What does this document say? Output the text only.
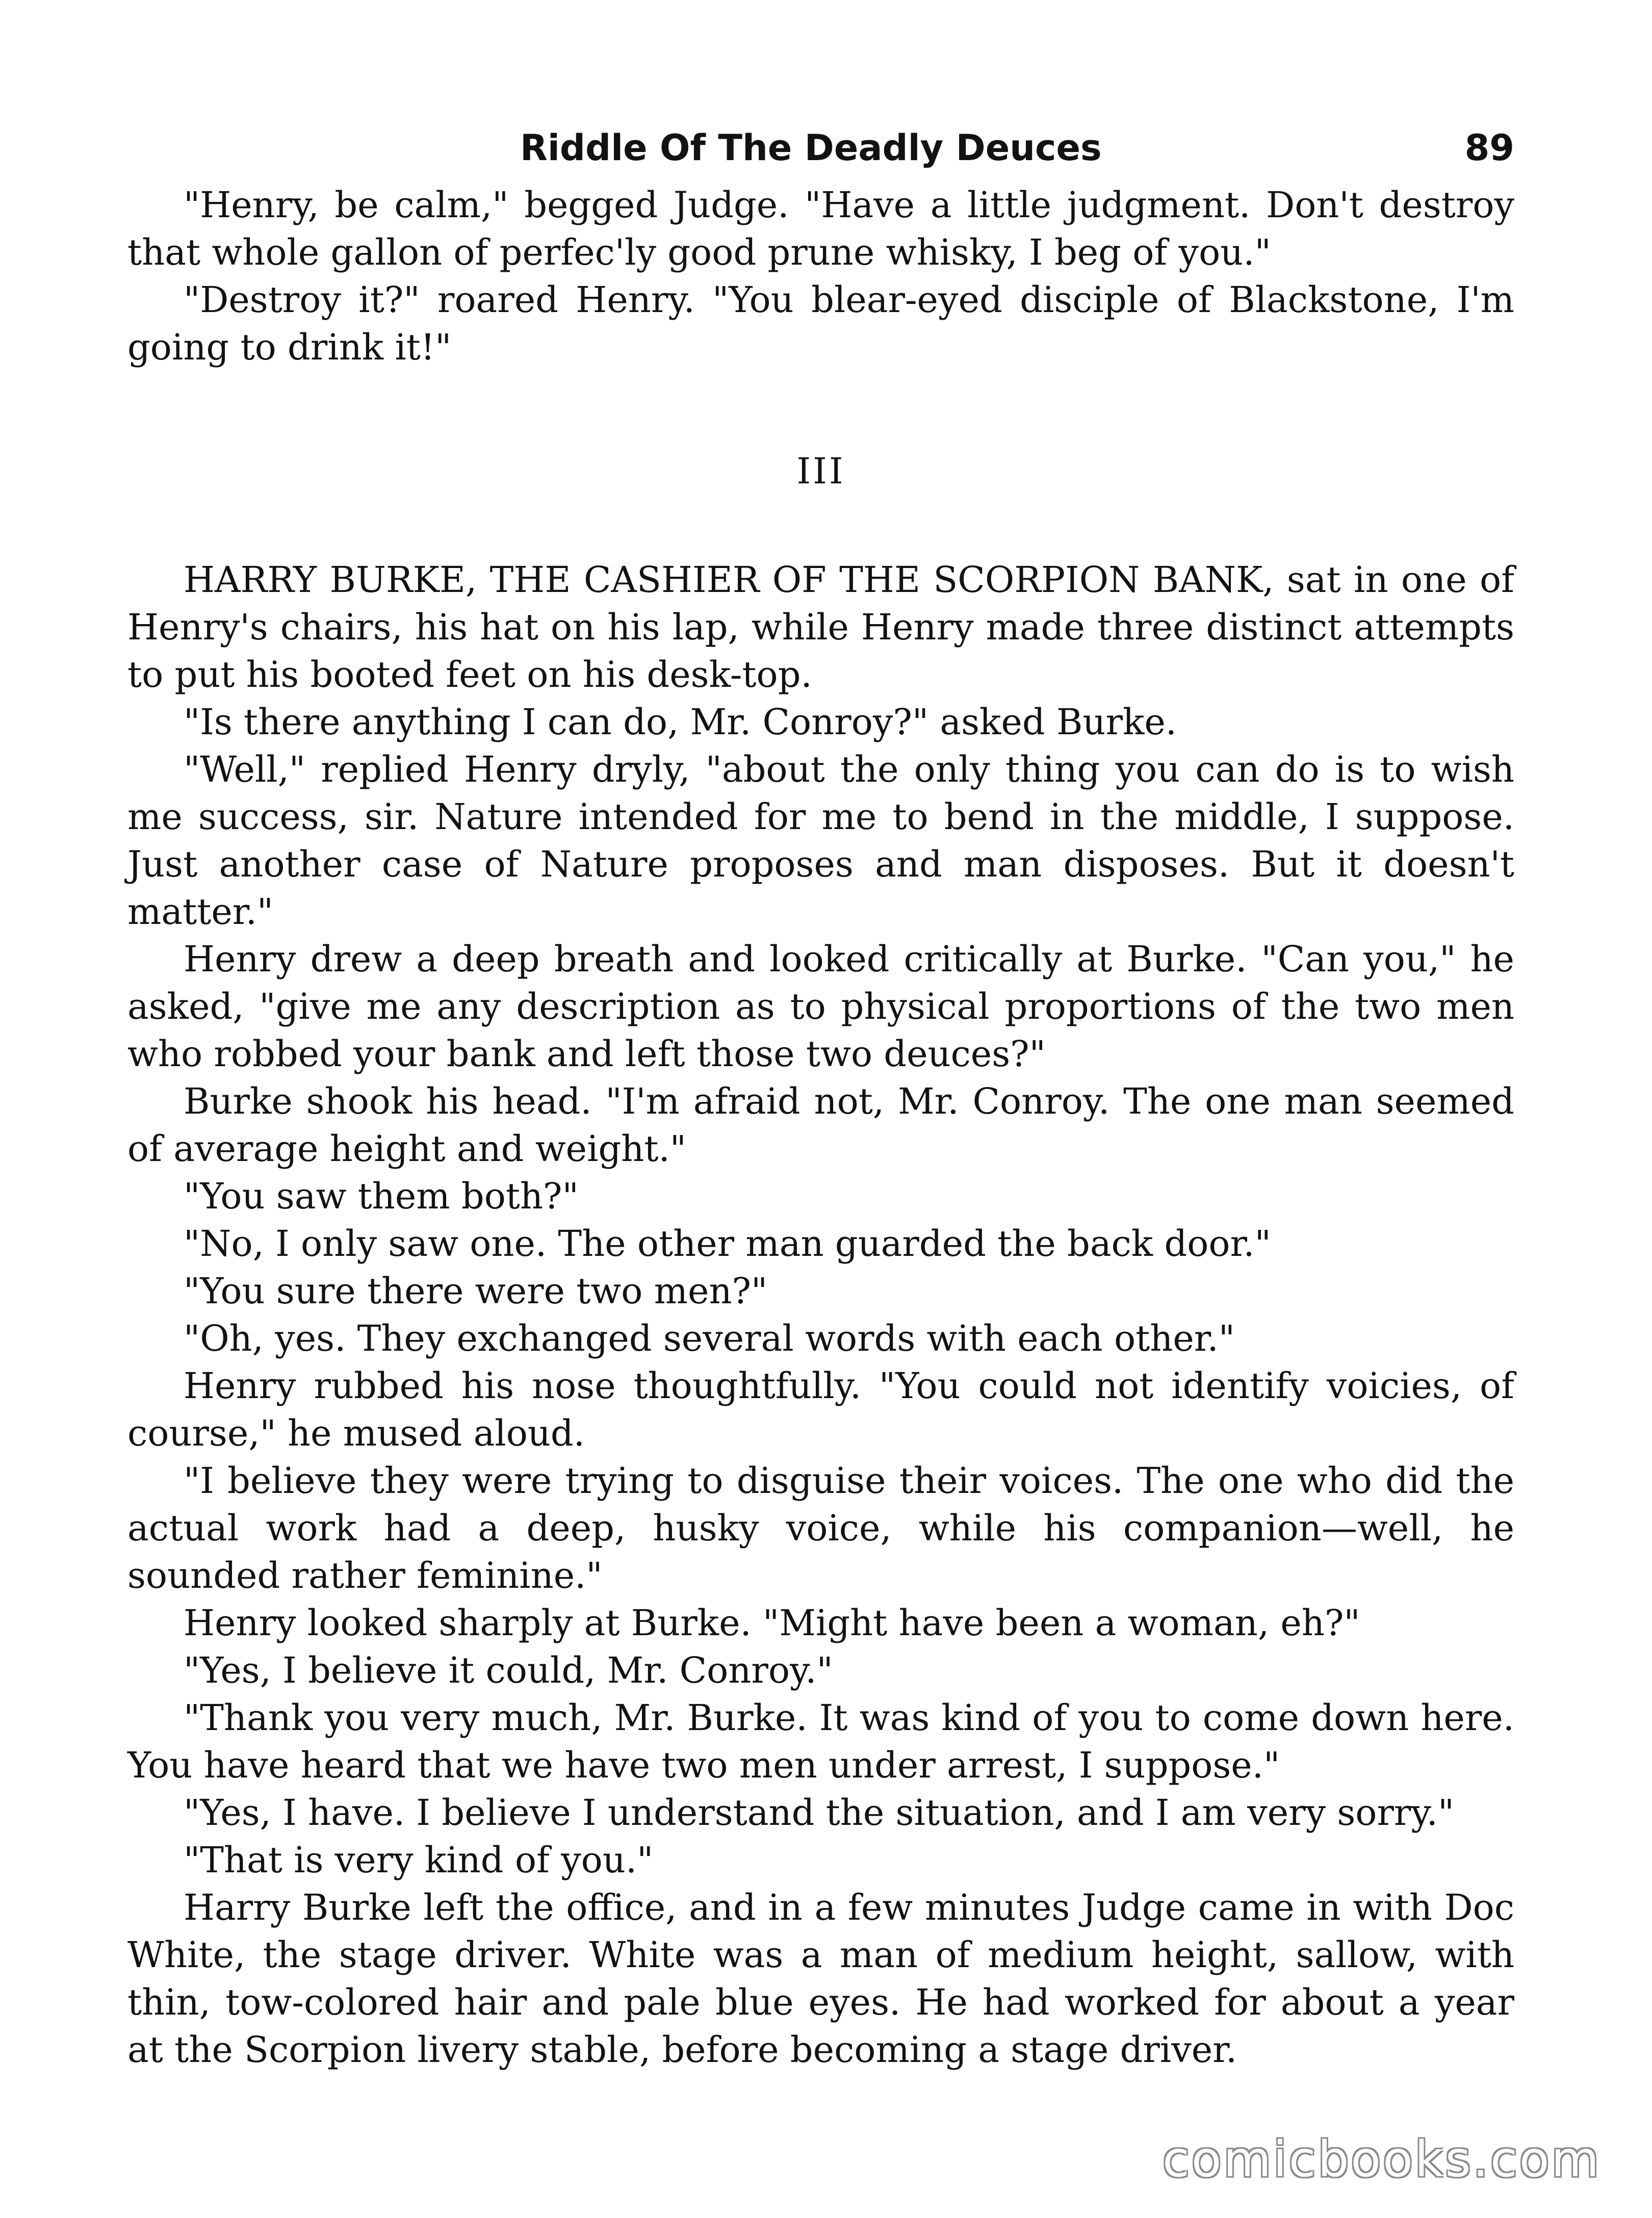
Riddle Of The Deadly Deuces	89

"Henry, be calm," begged Judge. "Have a little judgment. Don't destroy that whole gallon of perfec'ly good prune whisky, I beg of you."

"Destroy it?" roared Henry. "You blear-eyed disciple of Blackstone, I'm going to drink it!"

III

HARRY BURKE, THE CASHIER OF THE SCORPION BANK, sat in one of Henry's chairs, his hat on his lap, while Henry made three distinct attempts to put his booted feet on his desk-top.

"Is there anything I can do, Mr. Conroy?" asked Burke.

"Well," replied Henry dryly, "about the only thing you can do is to wish me success, sir. Nature intended for me to bend in the middle, I suppose. Just another case of Nature proposes and man disposes. But it doesn't matter."

Henry drew a deep breath and looked critically at Burke. "Can you," he asked, "give me any description as to physical proportions of the two men who robbed your bank and left those two deuces?"

Burke shook his head. "I'm afraid not, Mr. Conroy. The one man seemed of average height and weight."

"You saw them both?"

"No, I only saw one. The other man guarded the back door."

"You sure there were two men?"

"Oh, yes. They exchanged several words with each other."

Henry rubbed his nose thoughtfully. "You could not identify voicies, of course," he mused aloud.

"I believe they were trying to disguise their voices. The one who did the actual work had a deep, husky voice, while his companion—well, he sounded rather feminine."

Henry looked sharply at Burke. "Might have been a woman, eh?"

"Yes, I believe it could, Mr. Conroy."

"Thank you very much, Mr. Burke. It was kind of you to come down here. You have heard that we have two men under arrest, I suppose."

"Yes, I have. I believe I understand the situation, and I am very sorry."

"That is very kind of you."

Harry Burke left the office, and in a few minutes Judge came in with Doc White, the stage driver. White was a man of medium height, sallow, with thin, tow-colored hair and pale blue eyes. He had worked for about a year at the Scorpion livery stable, before becoming a stage driver.

comicbooks.com
